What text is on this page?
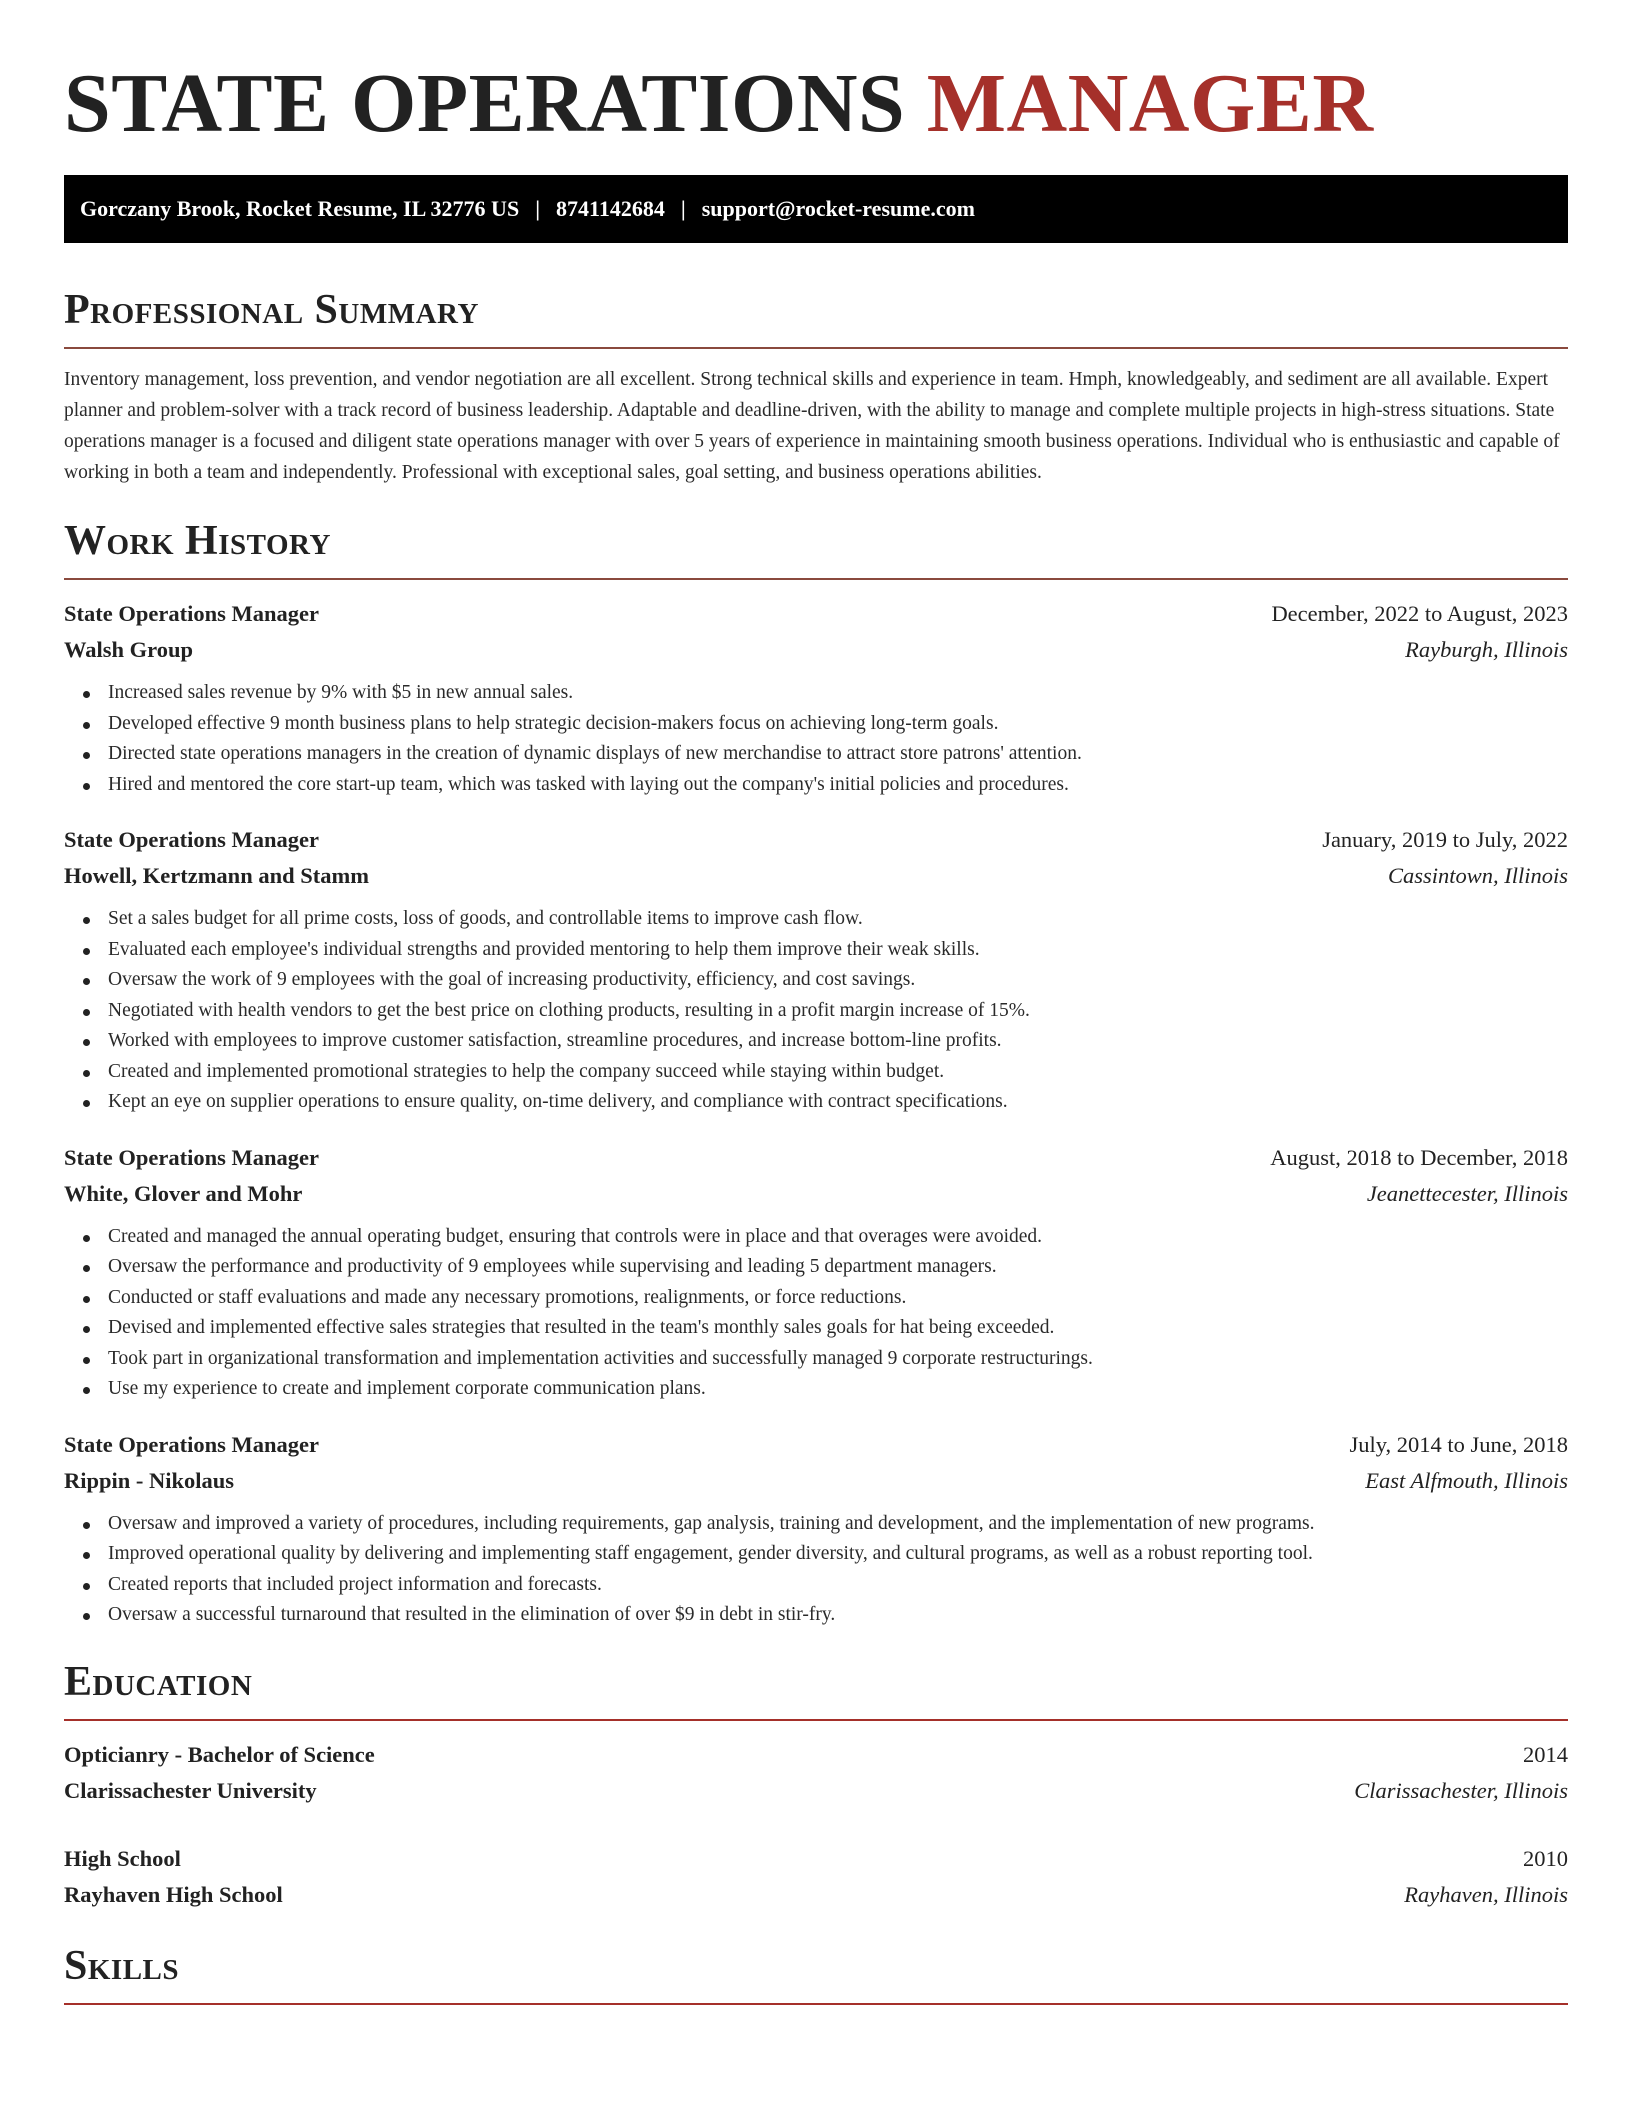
STATE OPERATIONS MANAGER
Gorczany Brook, Rocket Resume, IL 32776 US | 8741142684 | support@rocket-resume.com
Professional Summary

Inventory management, loss prevention, and vendor negotiation are all excellent. Strong technical skills and experience in team. Hmph, knowledgeably, and sediment are all available. Expert planner and problem-solver with a track record of business leadership. Adaptable and deadline-driven, with the ability to manage and complete multiple projects in high-stress situations. State operations manager is a focused and diligent state operations manager with over 5 years of experience in maintaining smooth business operations. Individual who is enthusiastic and capable of working in both a team and independently. Professional with exceptional sales, goal setting, and business operations abilities.

Work History
State Operations Manager	December, 2022 to August, 2023
Walsh Group	Rayburgh, Illinois
Increased sales revenue by 9% with $5 in new annual sales.
Developed effective 9 month business plans to help strategic decision-makers focus on achieving long-term goals.
Directed state operations managers in the creation of dynamic displays of new merchandise to attract store patrons' attention.
Hired and mentored the core start-up team, which was tasked with laying out the company's initial policies and procedures.
State Operations Manager	January, 2019 to July, 2022
Howell, Kertzmann and Stamm	Cassintown, Illinois
Set a sales budget for all prime costs, loss of goods, and controllable items to improve cash flow.
Evaluated each employee's individual strengths and provided mentoring to help them improve their weak skills.
Oversaw the work of 9 employees with the goal of increasing productivity, efficiency, and cost savings.
Negotiated with health vendors to get the best price on clothing products, resulting in a profit margin increase of 15%.
Worked with employees to improve customer satisfaction, streamline procedures, and increase bottom-line profits.
Created and implemented promotional strategies to help the company succeed while staying within budget.
Kept an eye on supplier operations to ensure quality, on-time delivery, and compliance with contract specifications.
State Operations Manager	August, 2018 to December, 2018
White, Glover and Mohr	Jeanettecester, Illinois
Created and managed the annual operating budget, ensuring that controls were in place and that overages were avoided.
Oversaw the performance and productivity of 9 employees while supervising and leading 5 department managers.
Conducted or staff evaluations and made any necessary promotions, realignments, or force reductions.
Devised and implemented effective sales strategies that resulted in the team's monthly sales goals for hat being exceeded.
Took part in organizational transformation and implementation activities and successfully managed 9 corporate restructurings.
Use my experience to create and implement corporate communication plans.
State Operations Manager	July, 2014 to June, 2018
Rippin - Nikolaus	East Alfmouth, Illinois
Oversaw and improved a variety of procedures, including requirements, gap analysis, training and development, and the implementation of new programs.
Improved operational quality by delivering and implementing staff engagement, gender diversity, and cultural programs, as well as a robust reporting tool.
Created reports that included project information and forecasts.
Oversaw a successful turnaround that resulted in the elimination of over $9 in debt in stir-fry.
Education
Opticianry - Bachelor of Science	2014
Clarissachester University	Clarissachester, Illinois
High School	2010
Rayhaven High School	Rayhaven, Illinois
Skills
